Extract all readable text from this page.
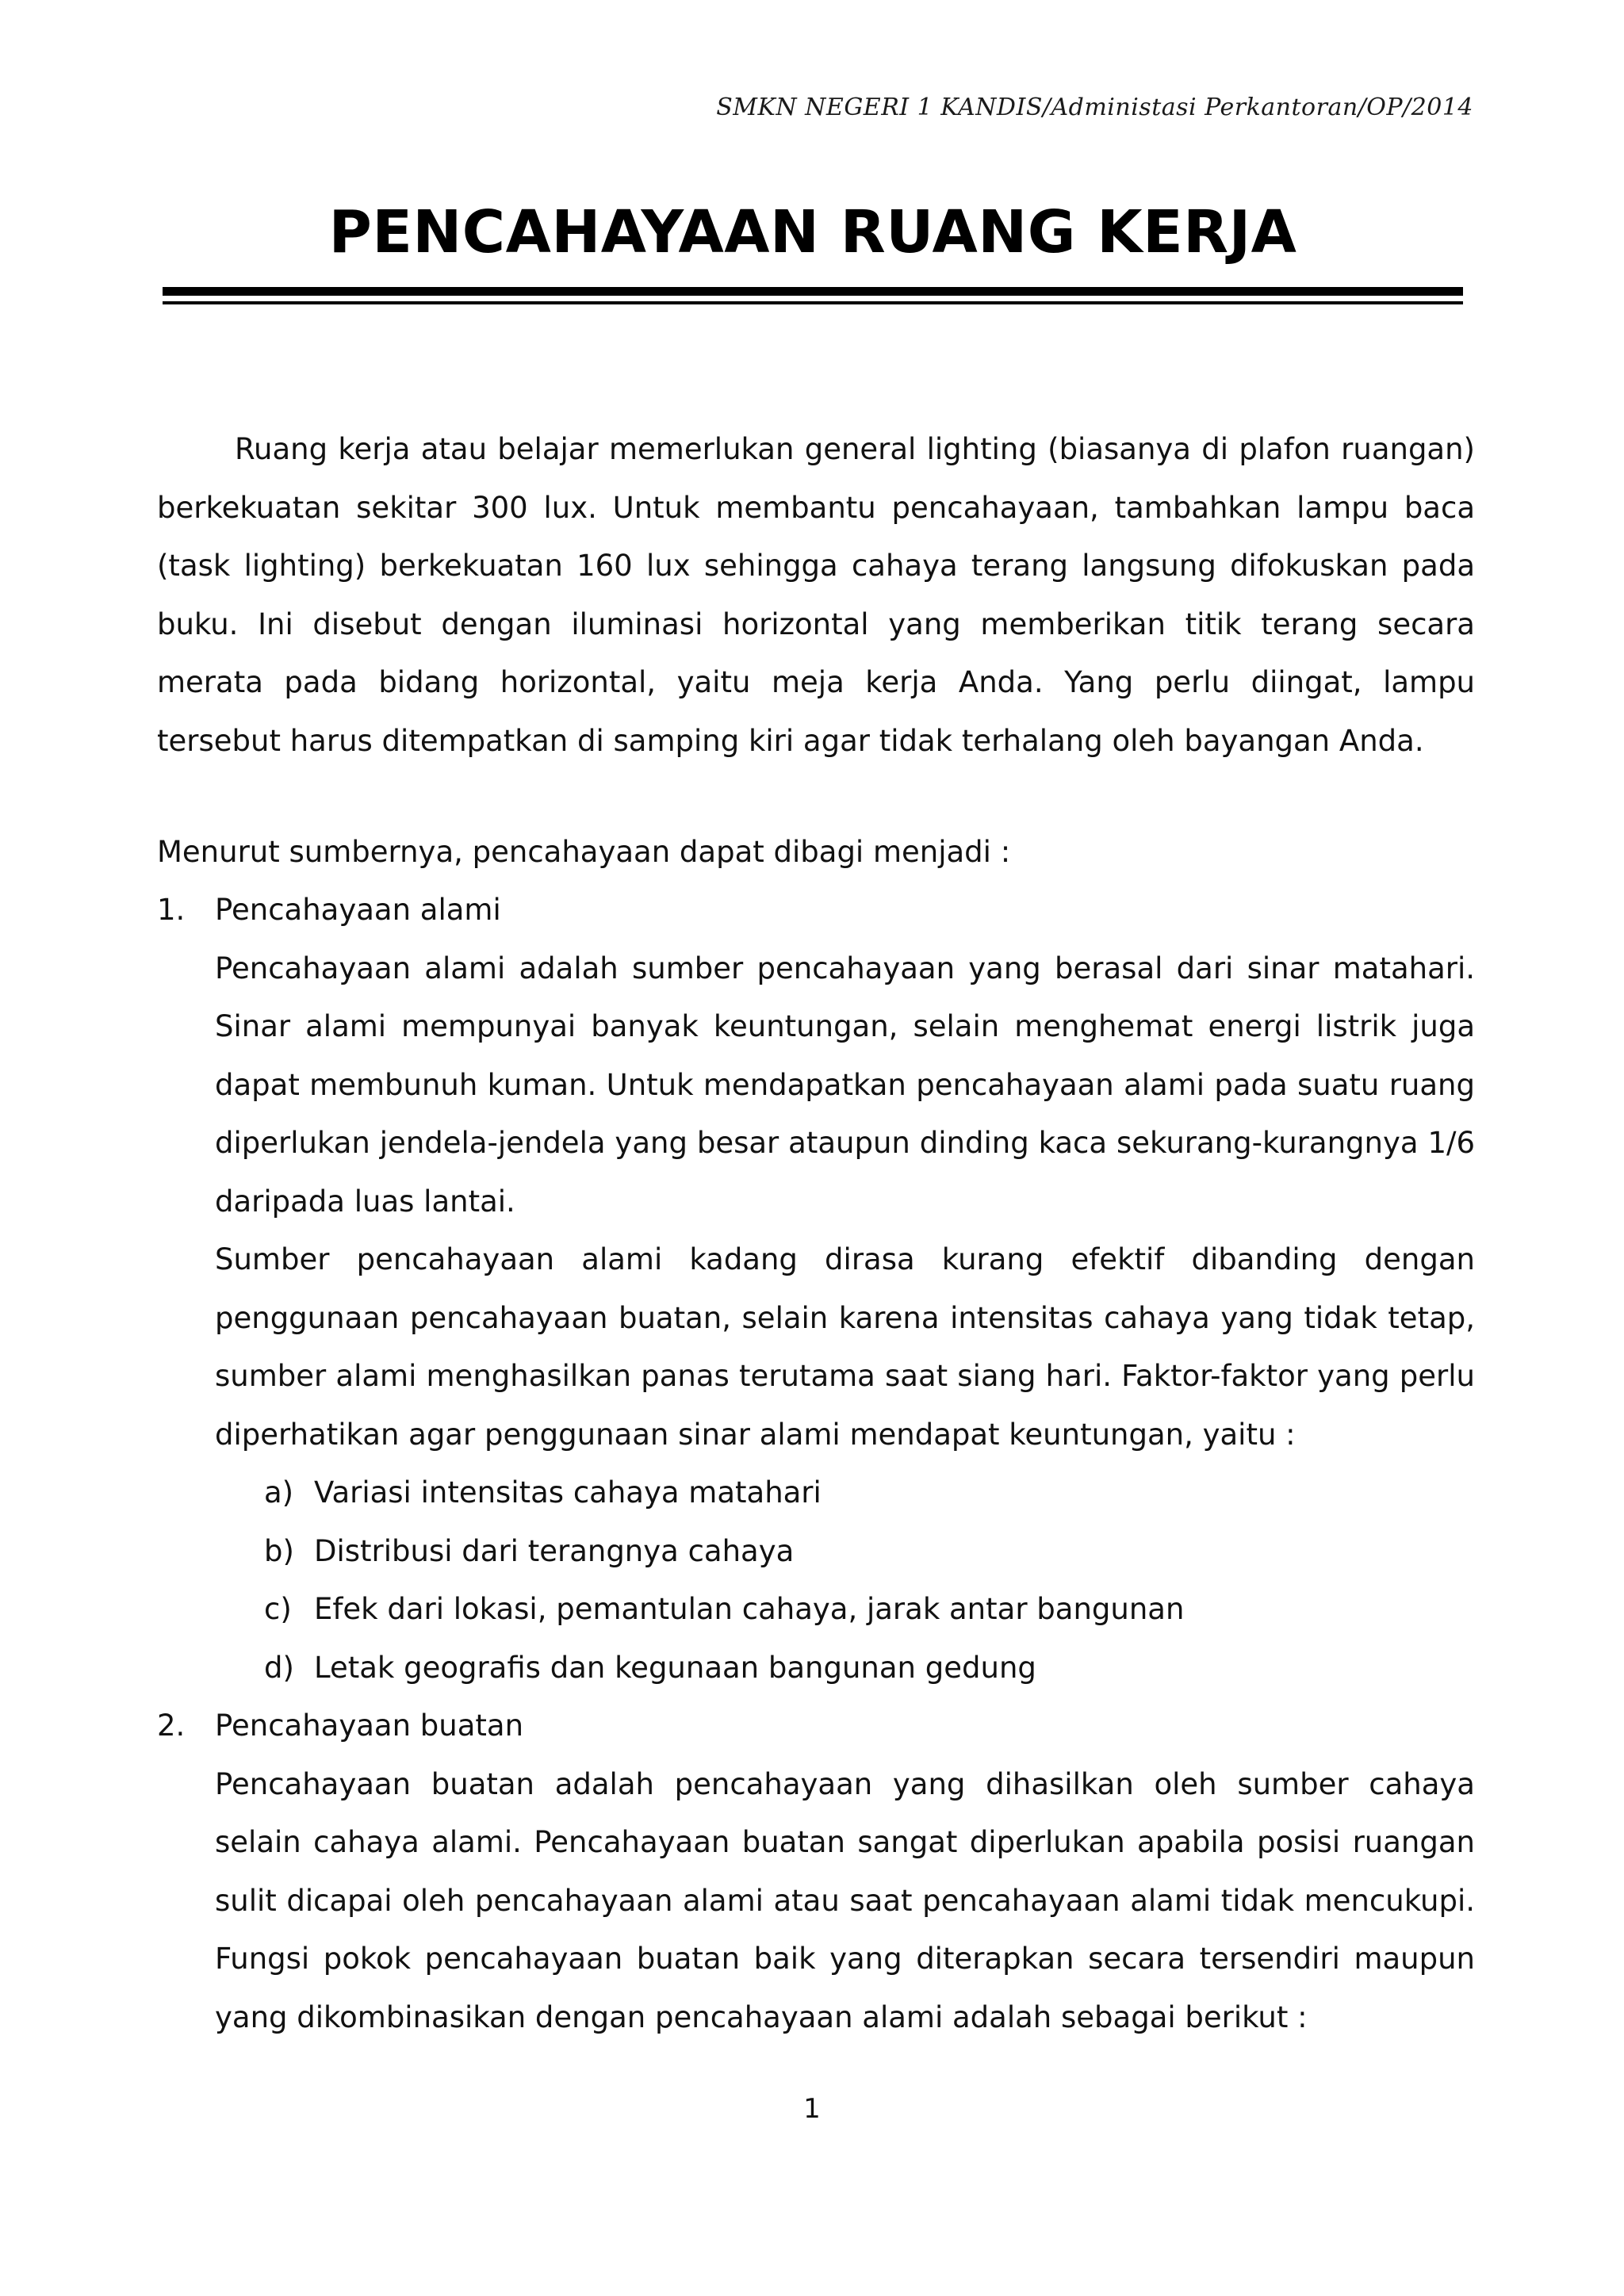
SMKN NEGERI 1 KANDIS/Administasi Perkantoran/OP/2014
PENCAHAYAAN RUANG KERJA

Ruang kerja atau belajar memerlukan general lighting (biasanya di plafon ruangan) berkekuatan sekitar 300 lux. Untuk membantu pencahayaan, tambahkan lampu baca (task lighting) berkekuatan 160 lux sehingga cahaya terang langsung difokuskan pada buku. Ini disebut dengan iluminasi horizontal yang memberikan titik terang secara merata pada bidang horizontal, yaitu meja kerja Anda. Yang perlu diingat, lampu tersebut harus ditempatkan di samping kiri agar tidak terhalang oleh bayangan Anda.

Menurut sumbernya, pencahayaan dapat dibagi menjadi :

1. Pencahayaan alami

Pencahayaan alami adalah sumber pencahayaan yang berasal dari sinar matahari. Sinar alami mempunyai banyak keuntungan, selain menghemat energi listrik juga dapat membunuh kuman. Untuk mendapatkan pencahayaan alami pada suatu ruang diperlukan jendela-jendela yang besar ataupun dinding kaca sekurang-kurangnya 1/6 daripada luas lantai.

Sumber pencahayaan alami kadang dirasa kurang efektif dibanding dengan penggunaan pencahayaan buatan, selain karena intensitas cahaya yang tidak tetap, sumber alami menghasilkan panas terutama saat siang hari. Faktor-faktor yang perlu diperhatikan agar penggunaan sinar alami mendapat keuntungan, yaitu :

a) Variasi intensitas cahaya matahari
b) Distribusi dari terangnya cahaya
c) Efek dari lokasi, pemantulan cahaya, jarak antar bangunan
d) Letak geografis dan kegunaan bangunan gedung
2. Pencahayaan buatan

Pencahayaan buatan adalah pencahayaan yang dihasilkan oleh sumber cahaya selain cahaya alami. Pencahayaan buatan sangat diperlukan apabila posisi ruangan sulit dicapai oleh pencahayaan alami atau saat pencahayaan alami tidak mencukupi. Fungsi pokok pencahayaan buatan baik yang diterapkan secara tersendiri maupun yang dikombinasikan dengan pencahayaan alami adalah sebagai berikut :

1
